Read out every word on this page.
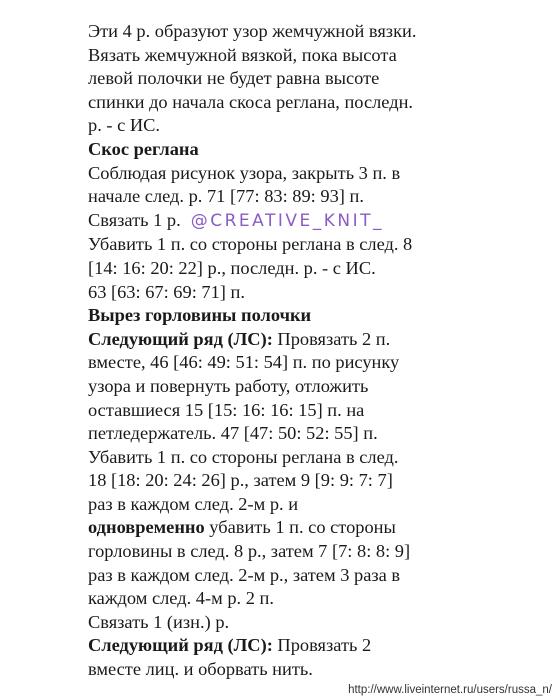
Эти 4 р. образуют узор жемчужной вязки.
Вязать жемчужной вязкой, пока высота
левой полочки не будет равна высоте
спинки до начала скоса реглана, последн.
р. - с ИС.
Скос реглана
Соблюдая рисунок узора, закрыть 3 п. в
начале след. р. 71 [77: 83: 89: 93] п.
Связать 1 р. @CREATIVE_KNIT_
Убавить 1 п. со стороны реглана в след. 8
[14: 16: 20: 22] р., последн. р. - с ИС.
63 [63: 67: 69: 71] п.
Вырез горловины полочки
Следующий ряд (ЛС): Провязать 2 п.
вместе, 46 [46: 49: 51: 54] п. по рисунку
узора и повернуть работу, отложить
оставшиеся 15 [15: 16: 16: 15] п. на
петледержатель. 47 [47: 50: 52: 55] п.
Убавить 1 п. со стороны реглана в след.
18 [18: 20: 24: 26] р., затем 9 [9: 9: 7: 7]
раз в каждом след. 2-м р. и
одновременно убавить 1 п. со стороны
горловины в след. 8 р., затем 7 [7: 8: 8: 9]
раз в каждом след. 2-м р., затем 3 раза в
каждом след. 4-м р. 2 п.
Связать 1 (изн.) р.
Следующий ряд (ЛС): Провязать 2
вместе лиц. и оборвать нить.
http://www.liveinternet.ru/users/russa_n/
